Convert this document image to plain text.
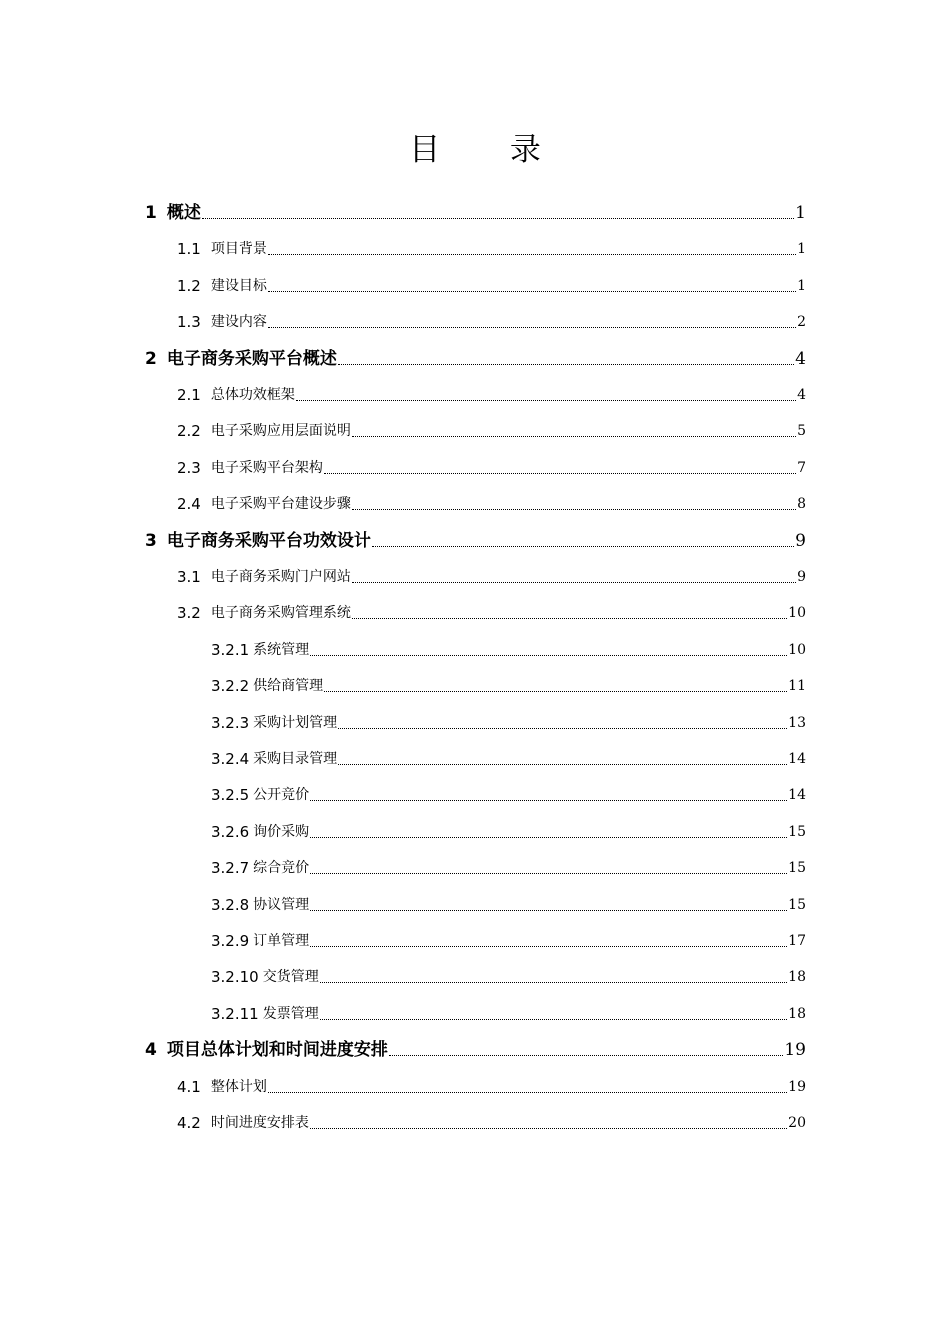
目 录
1 概述	1
1.1 项目背景	1
1.2 建设目标	1
1.3 建设内容	2
2 电子商务采购平台概述	4
2.1 总体功效框架	4
2.2 电子采购应用层面说明	5
2.3 电子采购平台架构	7
2.4 电子采购平台建设步骤	8
3 电子商务采购平台功效设计	9
3.1 电子商务采购门户网站	9
3.2 电子商务采购管理系统	10
3.2.1 系统管理	10
3.2.2 供给商管理	11
3.2.3 采购计划管理	13
3.2.4 采购目录管理	14
3.2.5 公开竞价	14
3.2.6 询价采购	15
3.2.7 综合竞价	15
3.2.8 协议管理	15
3.2.9 订单管理	17
3.2.10 交货管理	18
3.2.11 发票管理	18
4 项目总体计划和时间进度安排	19
4.1 整体计划	19
4.2 时间进度安排表	20
